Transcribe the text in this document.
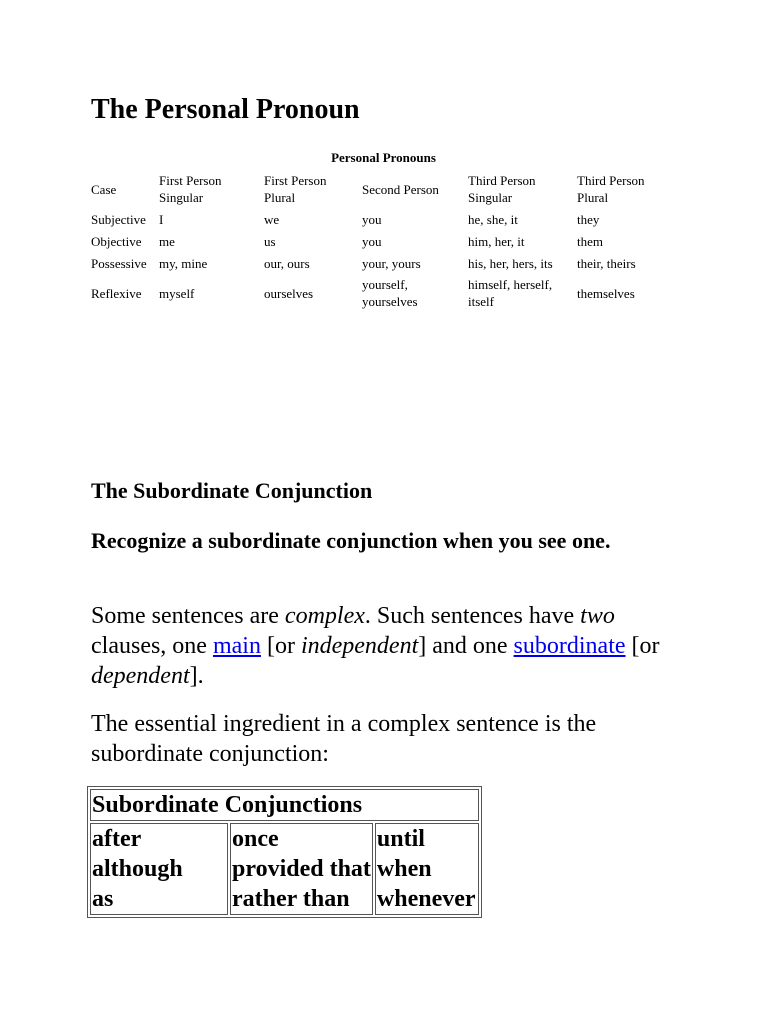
The Personal Pronoun
Personal Pronouns
Case	First Person Singular	First Person Plural	Second Person	Third Person Singular	Third Person Plural
Subjective	I	we	you	he, she, it	they
Objective	me	us	you	him, her, it	them
Possessive	my, mine	our, ours	your, yours	his, her, hers, its	their, theirs
Reflexive	myself	ourselves	yourself, yourselves	himself, herself, itself	themselves
The Subordinate Conjunction

Recognize a subordinate conjunction when you see one.

Some sentences are complex. Such sentences have two clauses, one main [or independent] and one subordinate [or dependent].

The essential ingredient in a complex sentence is the subordinate conjunction:

Subordinate Conjunctions

after
although
as

once
provided that
rather than

until
when
whenever
